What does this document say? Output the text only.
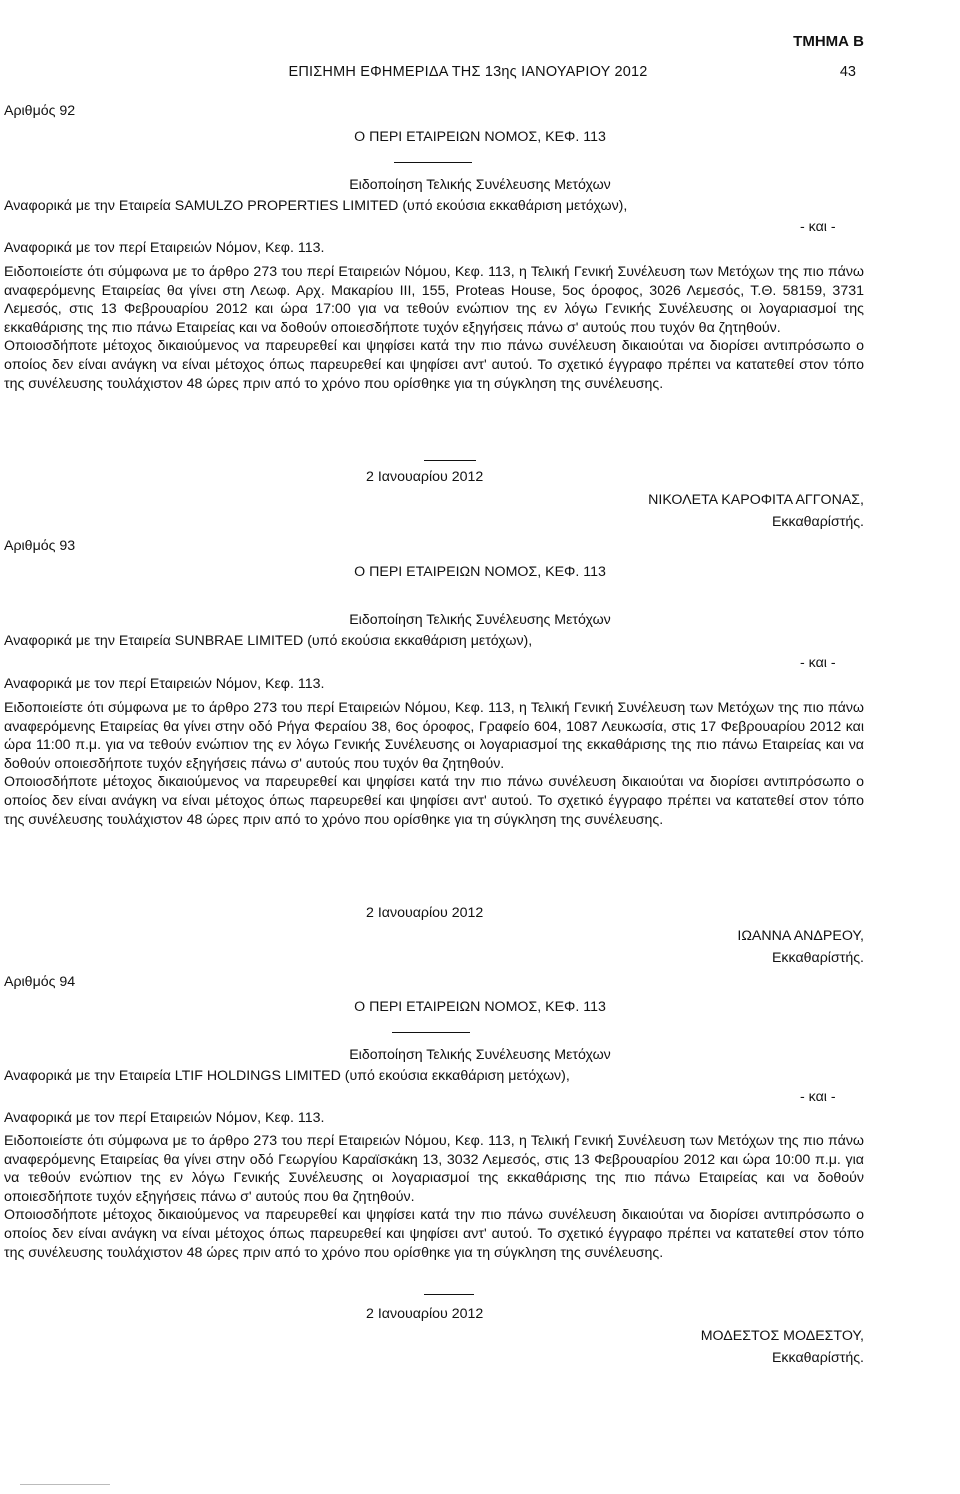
ΤΜΗΜΑ Β
ΕΠΙΣΗΜΗ ΕΦΗΜΕΡΙΔΑ ΤΗΣ 13ης ΙΑΝΟΥΑΡΙΟΥ 2012	43
Αριθμός 92
Ο ΠΕΡΙ ΕΤΑΙΡΕΙΩΝ ΝΟΜΟΣ, ΚΕΦ. 113
Ειδοποίηση Τελικής Συνέλευσης Μετόχων
Αναφορικά με την Εταιρεία SAMULZO PROPERTIES LIMITED (υπό εκούσια εκκαθάριση μετόχων),
- και -
Αναφορικά με τον περί Εταιρειών Νόμον, Κεφ. 113.

Ειδοποιείστε ότι σύμφωνα με το άρθρο 273 του περί Εταιρειών Νόμου, Κεφ. 113, η Τελική Γενική Συνέλευση των Μετόχων της πιο πάνω αναφερόμενης Εταιρείας θα γίνει στη Λεωφ. Αρχ. Μακαρίου ΙΙΙ, 155, Proteas House, 5ος όροφος, 3026 Λεμεσός, Τ.Θ. 58159, 3731 Λεμεσός, στις 13 Φεβρουαρίου 2012 και ώρα 17:00 για να τεθούν ενώπιον της εν λόγω Γενικής Συνέλευσης οι λογαριασμοί της εκκαθάρισης της πιο πάνω Εταιρείας και να δοθούν οποιεσδήποτε τυχόν εξηγήσεις πάνω σ' αυτούς που τυχόν θα ζητηθούν.

Οποιοσδήποτε μέτοχος δικαιούμενος να παρευρεθεί και ψηφίσει κατά την πιο πάνω συνέλευση δικαιούται να διορίσει αντιπρόσωπο ο οποίος δεν είναι ανάγκη να είναι μέτοχος όπως παρευρεθεί και ψηφίσει αντ' αυτού. Το σχετικό έγγραφο πρέπει να κατατεθεί στον τόπο της συνέλευσης τουλάχιστον 48 ώρες πριν από το χρόνο που ορίσθηκε για τη σύγκληση της συνέλευσης.

2 Ιανουαρίου 2012
ΝΙΚΟΛΕΤΑ ΚΑΡΟΦΙΤΑ ΑΓΓΟΝΑΣ,
Εκκαθαρίστής.
Αριθμός 93
Ο ΠΕΡΙ ΕΤΑΙΡΕΙΩΝ ΝΟΜΟΣ, ΚΕΦ. 113
Ειδοποίηση Τελικής Συνέλευσης Μετόχων
Αναφορικά με την Εταιρεία SUNBRAE LIMITED (υπό εκούσια εκκαθάριση μετόχων),
- και -
Αναφορικά με τον περί Εταιρειών Νόμον, Κεφ. 113.

Ειδοποιείστε ότι σύμφωνα με το άρθρο 273 του περί Εταιρειών Νόμου, Κεφ. 113, η Τελική Γενική Συνέλευση των Μετόχων της πιο πάνω αναφερόμενης Εταιρείας θα γίνει στην οδό Ρήγα Φεραίου 38, 6ος όροφος, Γραφείο 604, 1087 Λευκωσία, στις 17 Φεβρουαρίου 2012 και ώρα 11:00 π.μ. για να τεθούν ενώπιον της εν λόγω Γενικής Συνέλευσης οι λογαριασμοί της εκκαθάρισης της πιο πάνω Εταιρείας και να δοθούν οποιεσδήποτε τυχόν εξηγήσεις πάνω σ' αυτούς που τυχόν θα ζητηθούν.

Οποιοσδήποτε μέτοχος δικαιούμενος να παρευρεθεί και ψηφίσει κατά την πιο πάνω συνέλευση δικαιούται να διορίσει αντιπρόσωπο ο οποίος δεν είναι ανάγκη να είναι μέτοχος όπως παρευρεθεί και ψηφίσει αντ' αυτού. Το σχετικό έγγραφο πρέπει να κατατεθεί στον τόπο της συνέλευσης τουλάχιστον 48 ώρες πριν από το χρόνο που ορίσθηκε για τη σύγκληση της συνέλευσης.

2 Ιανουαρίου 2012
ΙΩΑΝΝΑ ΑΝΔΡΕΟΥ,
Εκκαθαρίστής.
Αριθμός 94
Ο ΠΕΡΙ ΕΤΑΙΡΕΙΩΝ ΝΟΜΟΣ, ΚΕΦ. 113
Ειδοποίηση Τελικής Συνέλευσης Μετόχων
Αναφορικά με την Εταιρεία LTIF HOLDINGS LIMITED (υπό εκούσια εκκαθάριση μετόχων),
- και -
Αναφορικά με τον περί Εταιρειών Νόμον, Κεφ. 113.

Ειδοποιείστε ότι σύμφωνα με το άρθρο 273 του περί Εταιρειών Νόμου, Κεφ. 113, η Τελική Γενική Συνέλευση των Μετόχων της πιο πάνω αναφερόμενης Εταιρείας θα γίνει στην οδό Γεωργίου Καραϊσκάκη 13, 3032 Λεμεσός, στις 13 Φεβρουαρίου 2012 και ώρα 10:00 π.μ. για να τεθούν ενώπιον της εν λόγω Γενικής Συνέλευσης οι λογαριασμοί της εκκαθάρισης της πιο πάνω Εταιρείας και να δοθούν οποιεσδήποτε τυχόν εξηγήσεις πάνω σ' αυτούς που θα ζητηθούν.

Οποιοσδήποτε μέτοχος δικαιούμενος να παρευρεθεί και ψηφίσει κατά την πιο πάνω συνέλευση δικαιούται να διορίσει αντιπρόσωπο ο οποίος δεν είναι ανάγκη να είναι μέτοχος όπως παρευρεθεί και ψηφίσει αντ' αυτού. Το σχετικό έγγραφο πρέπει να κατατεθεί στον τόπο της συνέλευσης τουλάχιστον 48 ώρες πριν από το χρόνο που ορίσθηκε για τη σύγκληση της συνέλευσης.

2 Ιανουαρίου 2012
ΜΟΔΕΣΤΟΣ ΜΟΔΕΣΤΟΥ,
Εκκαθαρίστής.
